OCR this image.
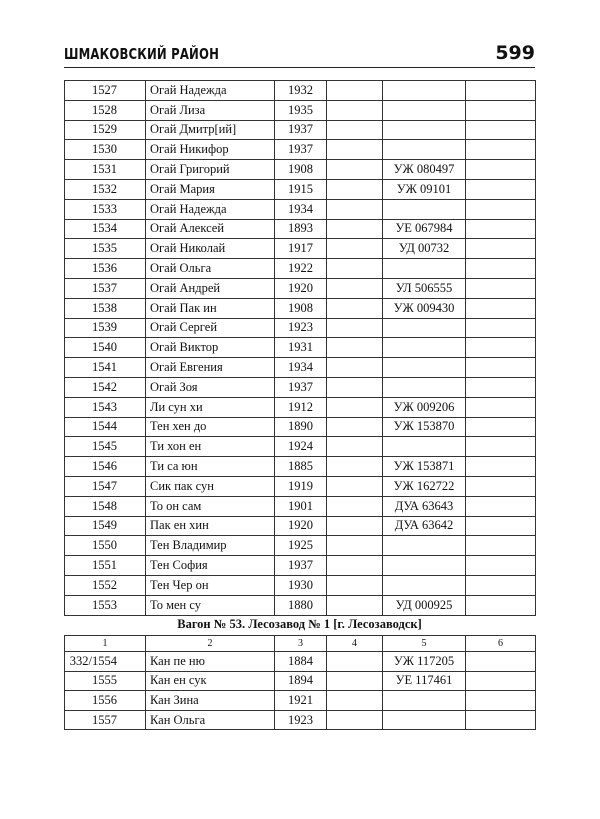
ШМАКОВСКИЙ РАЙОН	599
1527	Огай Надежда	1932			
1528	Огай Лиза	1935			
1529	Огай Дмитр[ий]	1937			
1530	Огай Никифор	1937			
1531	Огай Григорий	1908		УЖ 080497	
1532	Огай Мария	1915		УЖ 09101	
1533	Огай Надежда	1934			
1534	Огай Алексей	1893		УЕ 067984	
1535	Огай Николай	1917		УД 00732	
1536	Огай Ольга	1922			
1537	Огай Андрей	1920		УЛ 506555	
1538	Огай Пак ин	1908		УЖ 009430	
1539	Огай Сергей	1923			
1540	Огай Виктор	1931			
1541	Огай Евгения	1934			
1542	Огай Зоя	1937			
1543	Ли сун хи	1912		УЖ 009206	
1544	Тен хен до	1890		УЖ 153870	
1545	Ти хон ен	1924			
1546	Ти са юн	1885		УЖ 153871	
1547	Сик пак сун	1919		УЖ 162722	
1548	То он сам	1901		ДУА 63643	
1549	Пак ен хин	1920		ДУА 63642	
1550	Тен Владимир	1925			
1551	Тен София	1937			
1552	Тен Чер он	1930			
1553	То мен су	1880		УД 000925	
Вагон № 53. Лесозавод № 1 [г. Лесозаводск]
1	2	3	4	5	6
332/1554	Кан пе ню	1884		УЖ 117205	
1555	Кан ен сук	1894		УЕ 117461	
1556	Кан Зина	1921			
1557	Кан Ольга	1923			
